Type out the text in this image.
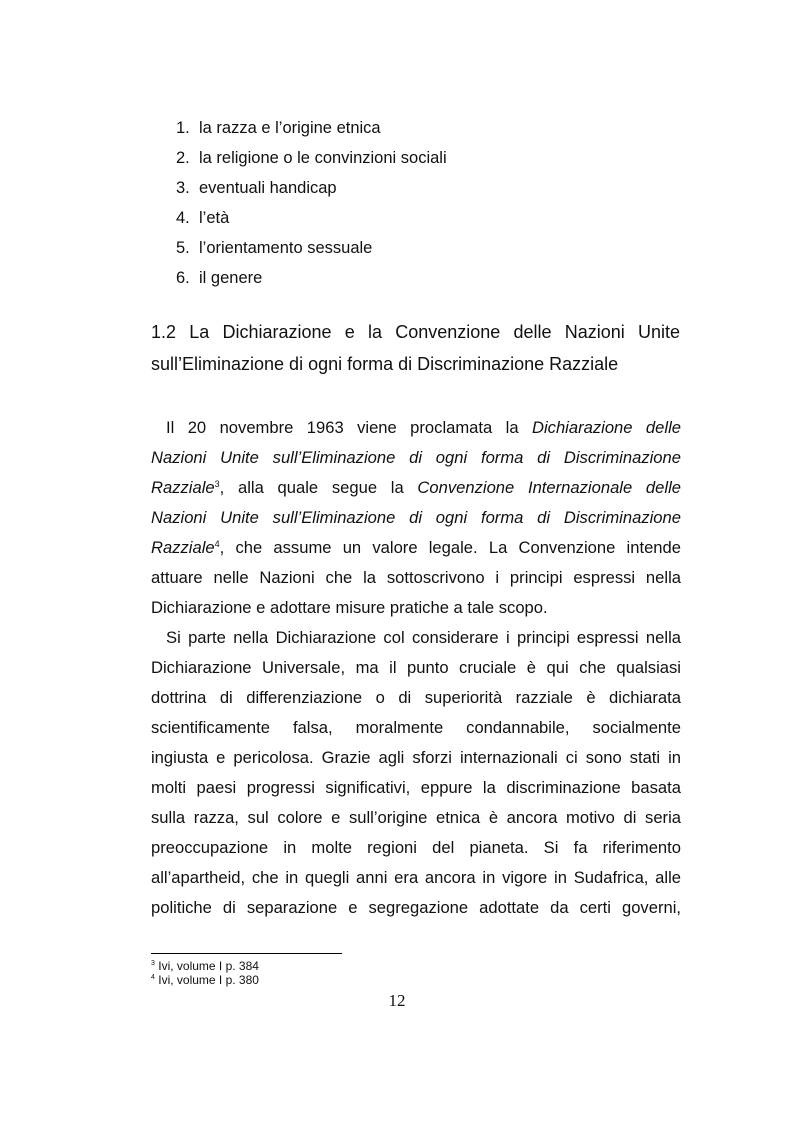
1. la razza e l’origine etnica
2. la religione o le convinzioni sociali
3. eventuali handicap
4. l’età
5. l’orientamento sessuale
6. il genere
1.2 La Dichiarazione e la Convenzione delle Nazioni Unite
sull’Eliminazione di ogni forma di Discriminazione Razziale
Il 20 novembre 1963 viene proclamata la Dichiarazione delle
Nazioni Unite sull’Eliminazione di ogni forma di Discriminazione
Razziale$^3$, alla quale segue la Convenzione Internazionale delle
Nazioni Unite sull’Eliminazione di ogni forma di Discriminazione
Razziale$^4$, che assume un valore legale. La Convenzione intende
attuare nelle Nazioni che la sottoscrivono i principi espressi nella
Dichiarazione e adottare misure pratiche a tale scopo.
Si parte nella Dichiarazione col considerare i principi espressi nella
Dichiarazione Universale, ma il punto cruciale è qui che qualsiasi
dottrina di differenziazione o di superiorità razziale è dichiarata
scientificamente falsa, moralmente condannabile, socialmente
ingiusta e pericolosa. Grazie agli sforzi internazionali ci sono stati in
molti paesi progressi significativi, eppure la discriminazione basata
sulla razza, sul colore e sull’origine etnica è ancora motivo di seria
preoccupazione in molte regioni del pianeta. Si fa riferimento
all’apartheid, che in quegli anni era ancora in vigore in Sudafrica, alle
politiche di separazione e segregazione adottate da certi governi,
$^3$ Ivi, volume I p. 384
$^4$ Ivi, volume I p. 380
12
